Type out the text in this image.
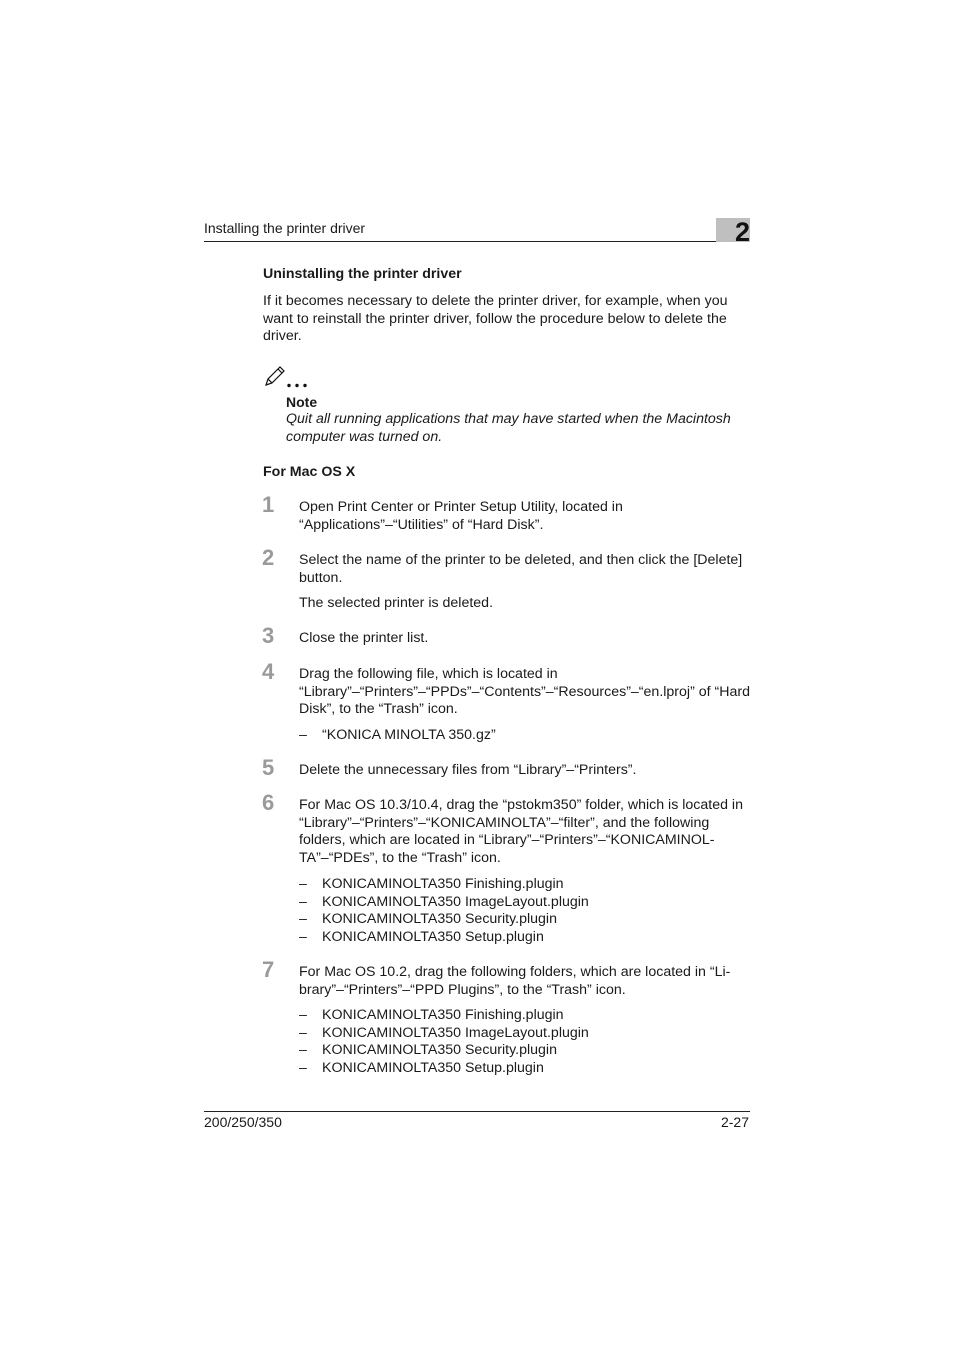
Installing the printer driver	2
Uninstalling the printer driver
If it becomes necessary to delete the printer driver, for example, when you want to reinstall the printer driver, follow the procedure below to delete the driver.
Note
Quit all running applications that may have started when the Macintosh computer was turned on.
For Mac OS X
1 Open Print Center or Printer Setup Utility, located in “Applications”–“Utilities” of “Hard Disk”.
2 Select the name of the printer to be deleted, and then click the [Delete] button.
The selected printer is deleted.
3 Close the printer list.
4 Drag the following file, which is located in “Library”–“Printers”–“PPDs”–“Contents”–“Resources”–“en.lproj” of “Hard Disk”, to the “Trash” icon.
– “KONICA MINOLTA 350.gz”
5 Delete the unnecessary files from “Library”–“Printers”.
6 For Mac OS 10.3/10.4, drag the “pstokm350” folder, which is located in “Library”–“Printers”–“KONICAMINOLTA”–“filter”, and the following folders, which are located in “Library”–“Printers”–“KONICAMINOL-TA”–“PDEs”, to the “Trash” icon.
– KONICAMINOLTA350 Finishing.plugin
– KONICAMINOLTA350 ImageLayout.plugin
– KONICAMINOLTA350 Security.plugin
– KONICAMINOLTA350 Setup.plugin
7 For Mac OS 10.2, drag the following folders, which are located in “Li-brary”–“Printers”–“PPD Plugins”, to the “Trash” icon.
– KONICAMINOLTA350 Finishing.plugin
– KONICAMINOLTA350 ImageLayout.plugin
– KONICAMINOLTA350 Security.plugin
– KONICAMINOLTA350 Setup.plugin
200/250/350	2-27
